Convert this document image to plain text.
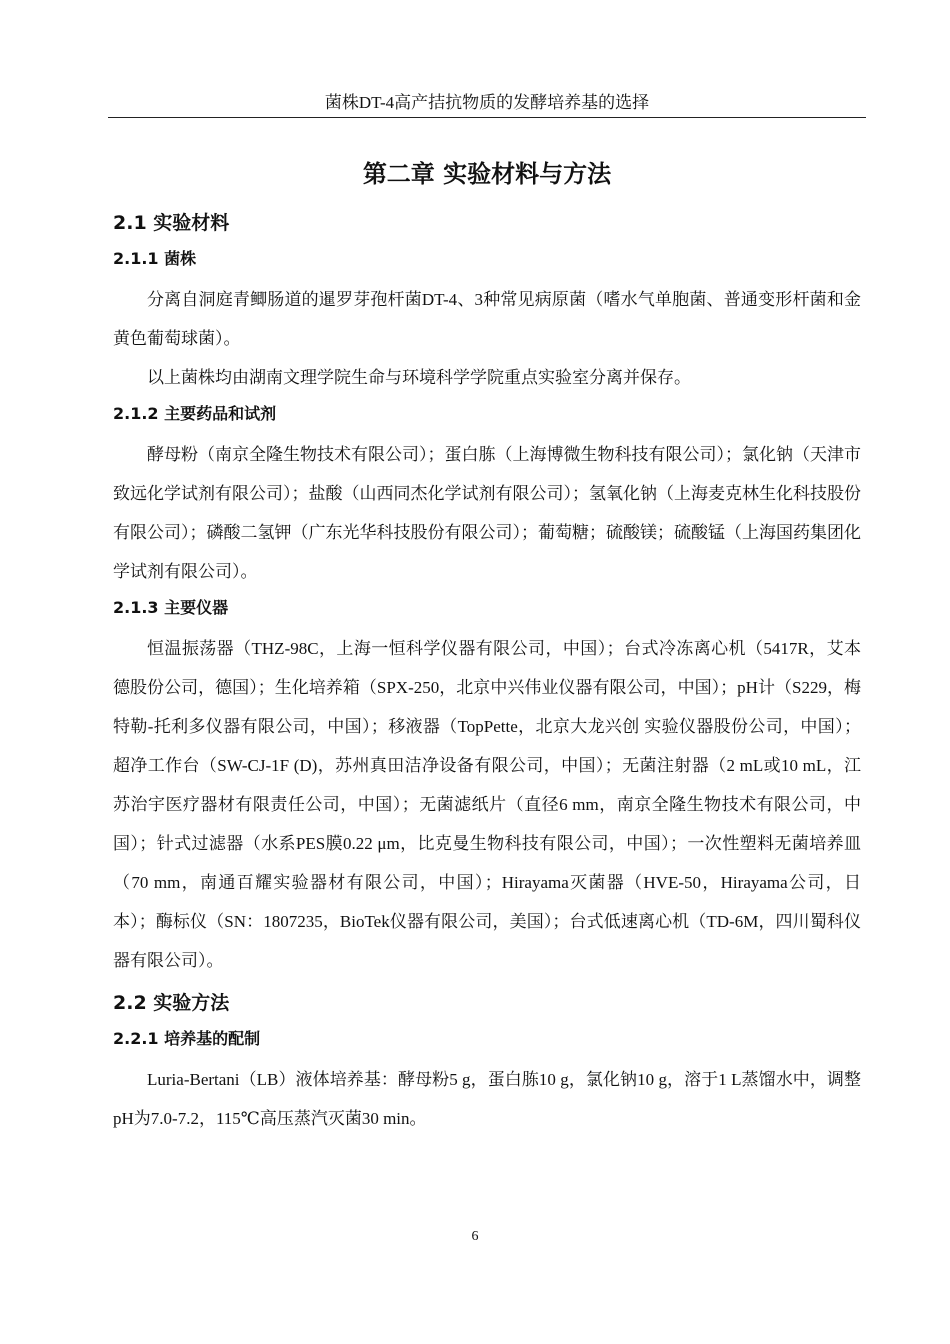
菌株DT-4高产拮抗物质的发酵培养基的选择
第二章 实验材料与方法
2.1 实验材料
2.1.1 菌株

分离自洞庭青鲫肠道的暹罗芽孢杆菌DT-4、3种常见病原菌（嗜水气单胞菌、普通变形杆菌和金黄色葡萄球菌）。

以上菌株均由湖南文理学院生命与环境科学学院重点实验室分离并保存。

2.1.2 主要药品和试剂

酵母粉（南京全隆生物技术有限公司）；蛋白胨（上海博微生物科技有限公司）；氯化钠（天津市致远化学试剂有限公司）；盐酸（山西同杰化学试剂有限公司）；氢氧化钠（上海麦克林生化科技股份有限公司）；磷酸二氢钾（广东光华科技股份有限公司）；葡萄糖；硫酸镁；硫酸锰（上海国药集团化学试剂有限公司）。

2.1.3 主要仪器

恒温振荡器（THZ-98C，上海一恒科学仪器有限公司，中国）；台式冷冻离心机（5417R，艾本德股份公司，德国）；生化培养箱（SPX-250，北京中兴伟业仪器有限公司，中国）；pH计（S229，梅特勒-托利多仪器有限公司，中国）；移液器（TopPette，北京大龙兴创 实验仪器股份公司，中国）；超净工作台（SW-CJ-1F (D)，苏州真田洁净设备有限公司，中国）；无菌注射器（2 mL或10 mL，江苏治宇医疗器材有限责任公司，中国）；无菌滤纸片（直径6 mm，南京全隆生物技术有限公司，中国）；针式过滤器（水系PES膜0.22 μm，比克曼生物科技有限公司，中国）；一次性塑料无菌培养皿（70 mm，南通百耀实验器材有限公司，中国）；Hirayama灭菌器（HVE-50，Hirayama公司，日本）；酶标仪（SN：1807235，BioTek仪器有限公司，美国）；台式低速离心机（TD-6M，四川蜀科仪器有限公司）。

2.2 实验方法
2.2.1 培养基的配制

Luria-Bertani（LB）液体培养基：酵母粉5 g，蛋白胨10 g，氯化钠10 g，溶于1 L蒸馏水中，调整pH为7.0-7.2，115℃高压蒸汽灭菌30 min。

6
